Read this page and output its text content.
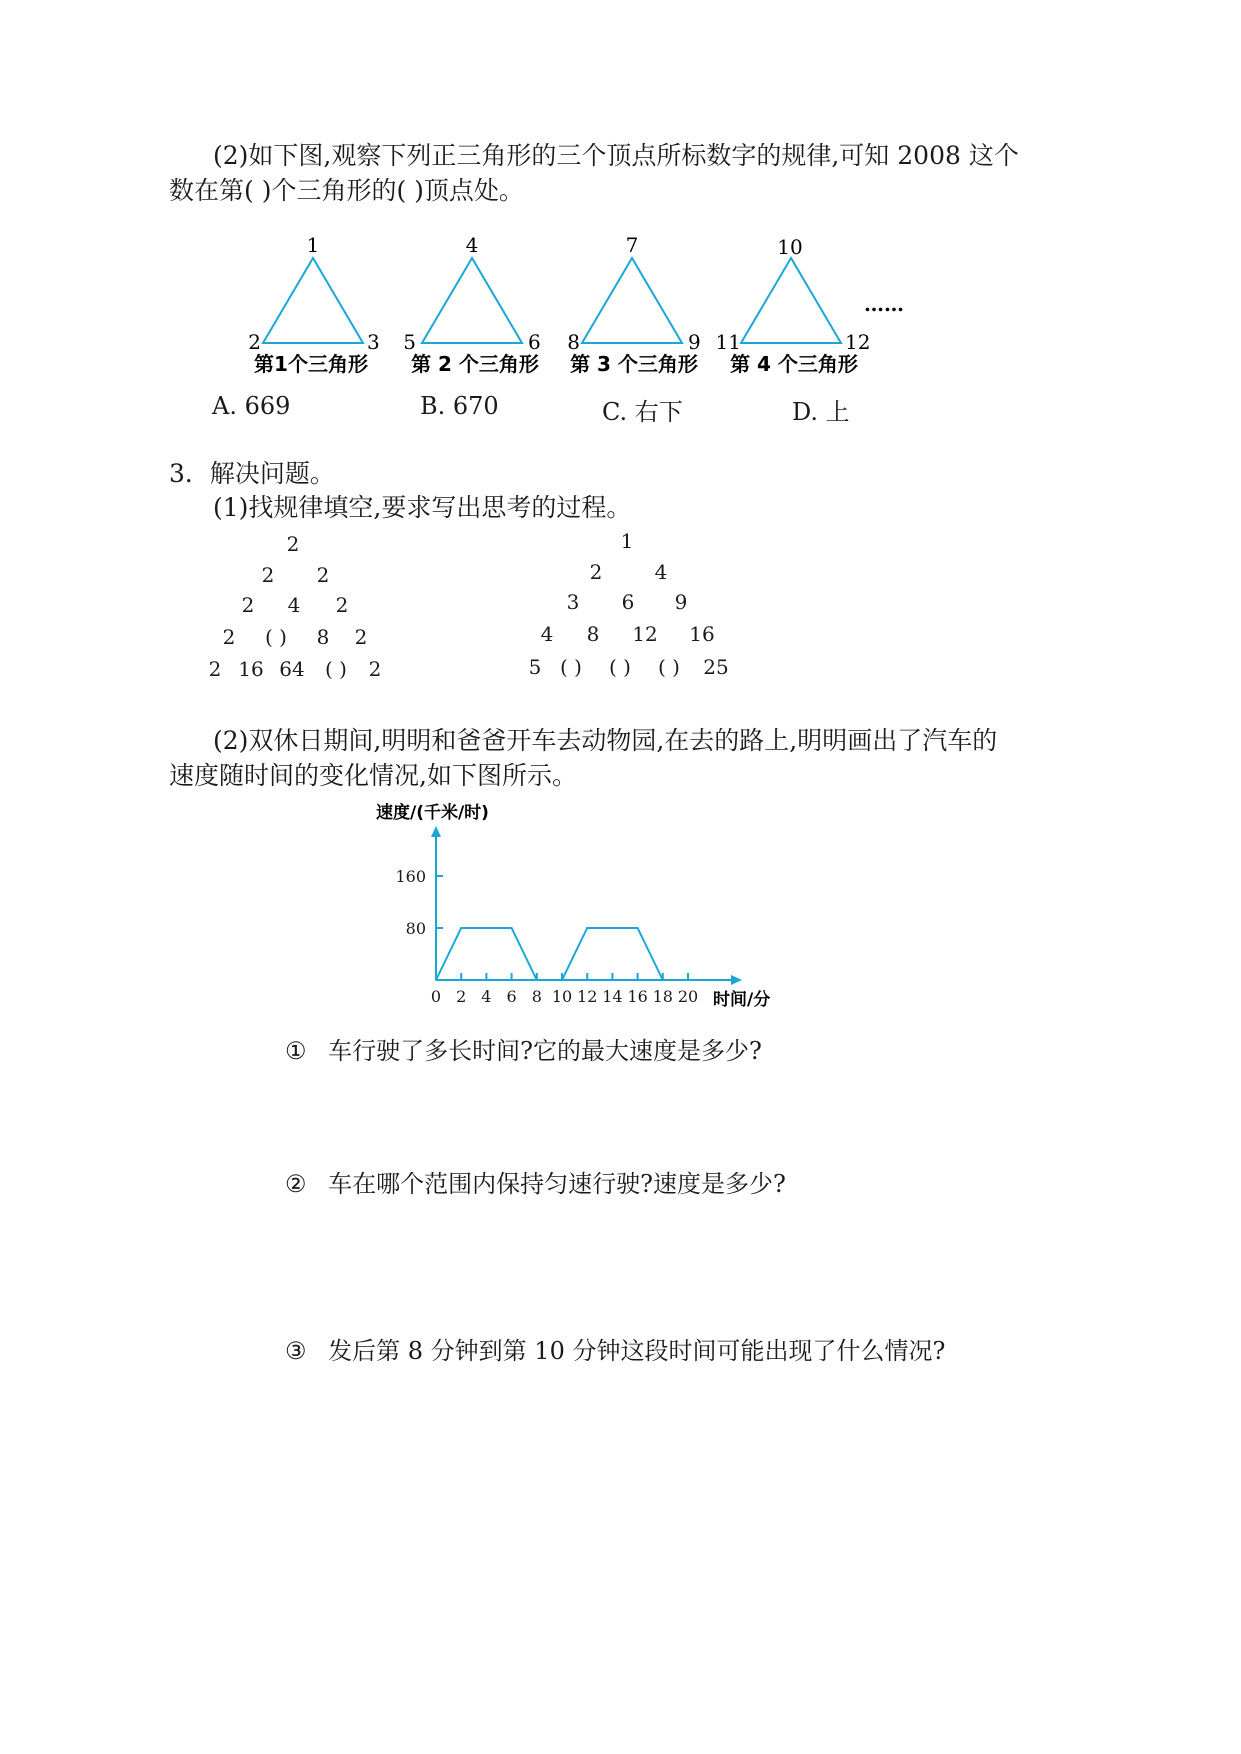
(2)如下图,观察下列正三角形的三个顶点所标数字的规律,可知 2008 这个
数在第( )个三角形的( )顶点处。
1
2	3
第1个三角形
4
5	6
第 2 个三角形
7
8	9
第 3 个三角形
10
11	12
第 4 个三角形
……
A. 669	B. 670	C. 右下	D. 上
3．解决问题。
(1)找规律填空,要求写出思考的过程。
2
2 2
2 4 2
2 ( ) 8 2
2 16 64 ( ) 2
1
2	4
3 6 9
4 8 12 16
5 ( ) ( ) ( ) 25
(2)双休日期间,明明和爸爸开车去动物园,在去的路上,明明画出了汽车的
速度随时间的变化情况,如下图所示。
速度/(千米/时)
时间/分
0 2 4 6 8 10 12 14 16 18 20
80
160
① 车行驶了多长时间?它的最大速度是多少?
② 车在哪个范围内保持匀速行驶?速度是多少?
③ 发后第 8 分钟到第 10 分钟这段时间可能出现了什么情况?
